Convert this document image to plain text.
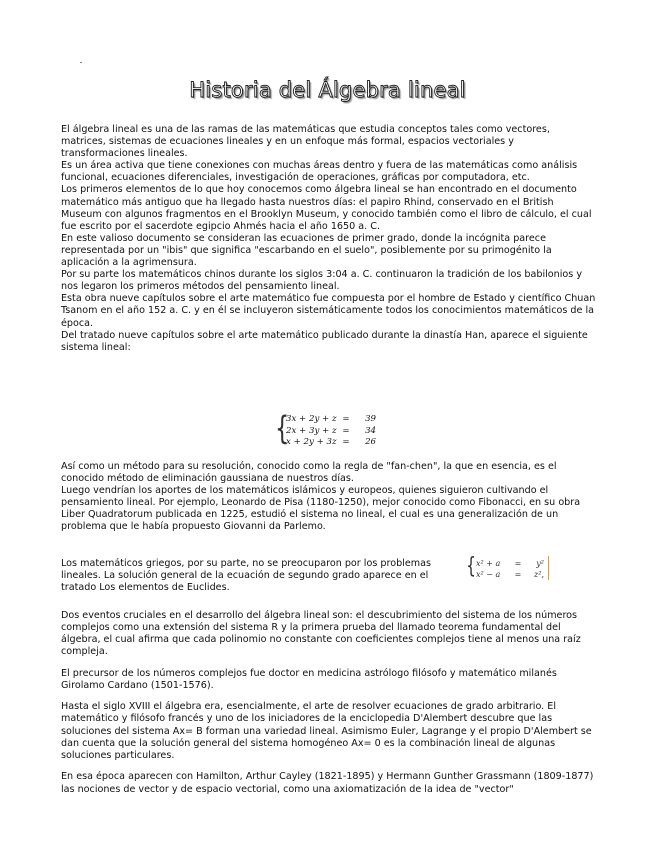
Historia del Álgebra lineal

El álgebra lineal es una de las ramas de las matemáticas que estudia conceptos tales como vectores, matrices, sistemas de ecuaciones lineales y en un enfoque más formal, espacios vectoriales y transformaciones lineales.

Es un área activa que tiene conexiones con muchas áreas dentro y fuera de las matemáticas como análisis funcional, ecuaciones diferenciales, investigación de operaciones, gráficas por computadora, etc.

Los primeros elementos de lo que hoy conocemos como álgebra lineal se han encontrado en el documento matemático más antiguo que ha llegado hasta nuestros días: el papiro Rhind, conservado en el British Museum con algunos fragmentos en el Brooklyn Museum, y conocido también como el libro de cálculo, el cual fue escrito por el sacerdote egipcio Ahmés hacia el año 1650 a. C.

En este valioso documento se consideran las ecuaciones de primer grado, donde la incógnita parece representada por un "ibis" que significa "escarbando en el suelo", posiblemente por su primogénito la aplicación a la agrimensura.

Por su parte los matemáticos chinos durante los siglos 3:04 a. C. continuaron la tradición de los babilonios y nos legaron los primeros métodos del pensamiento lineal.

Esta obra nueve capítulos sobre el arte matemático fue compuesta por el hombre de Estado y científico Chuan Tsanom en el año 152 a. C. y en él se incluyeron sistemáticamente todos los conocimientos matemáticos de la época.

Del tratado nueve capítulos sobre el arte matemático publicado durante la dinastía Han, aparece el siguiente sistema lineal:

{
3x + 2y + z = 39
2x + 3y + z = 34
x + 2y + 3z = 26

Así como un método para su resolución, conocido como la regla de "fan-chen", la que en esencia, es el conocido método de eliminación gaussiana de nuestros días.

Luego vendrían los aportes de los matemáticos islámicos y europeos, quienes siguieron cultivando el pensamiento lineal. Por ejemplo, Leonardo de Pisa (1180-1250), mejor conocido como Fibonacci, en su obra Liber Quadratorum publicada en 1225, estudió el sistema no lineal, el cual es una generalización de un problema que le había propuesto Giovanni da Parlemo.

Los matemáticos griegos, por su parte, no se preocuparon por los problemas lineales. La solución general de la ecuación de segundo grado aparece en el tratado Los elementos de Euclides.
{ x² + a = y²
x² − a = z²,

Dos eventos cruciales en el desarrollo del álgebra lineal son: el descubrimiento del sistema de los números complejos como una extensión del sistema R y la primera prueba del llamado teorema fundamental del álgebra, el cual afirma que cada polinomio no constante con coeficientes complejos tiene al menos una raíz compleja.

El precursor de los números complejos fue doctor en medicina astrólogo filósofo y matemático milanés Girolamo Cardano (1501-1576).

Hasta el siglo XVIII el álgebra era, esencialmente, el arte de resolver ecuaciones de grado arbitrario. El matemático y filósofo francés y uno de los iniciadores de la enciclopedia D'Alembert descubre que las soluciones del sistema Ax= B forman una variedad lineal. Asimismo Euler, Lagrange y el propio D'Alembert se dan cuenta que la solución general del sistema homogéneo Ax= 0 es la combinación lineal de algunas soluciones particulares.

En esa época aparecen con Hamilton, Arthur Cayley (1821-1895) y Hermann Gunther Grassmann (1809-1877) las nociones de vector y de espacio vectorial, como una axiomatización de la idea de "vector"
